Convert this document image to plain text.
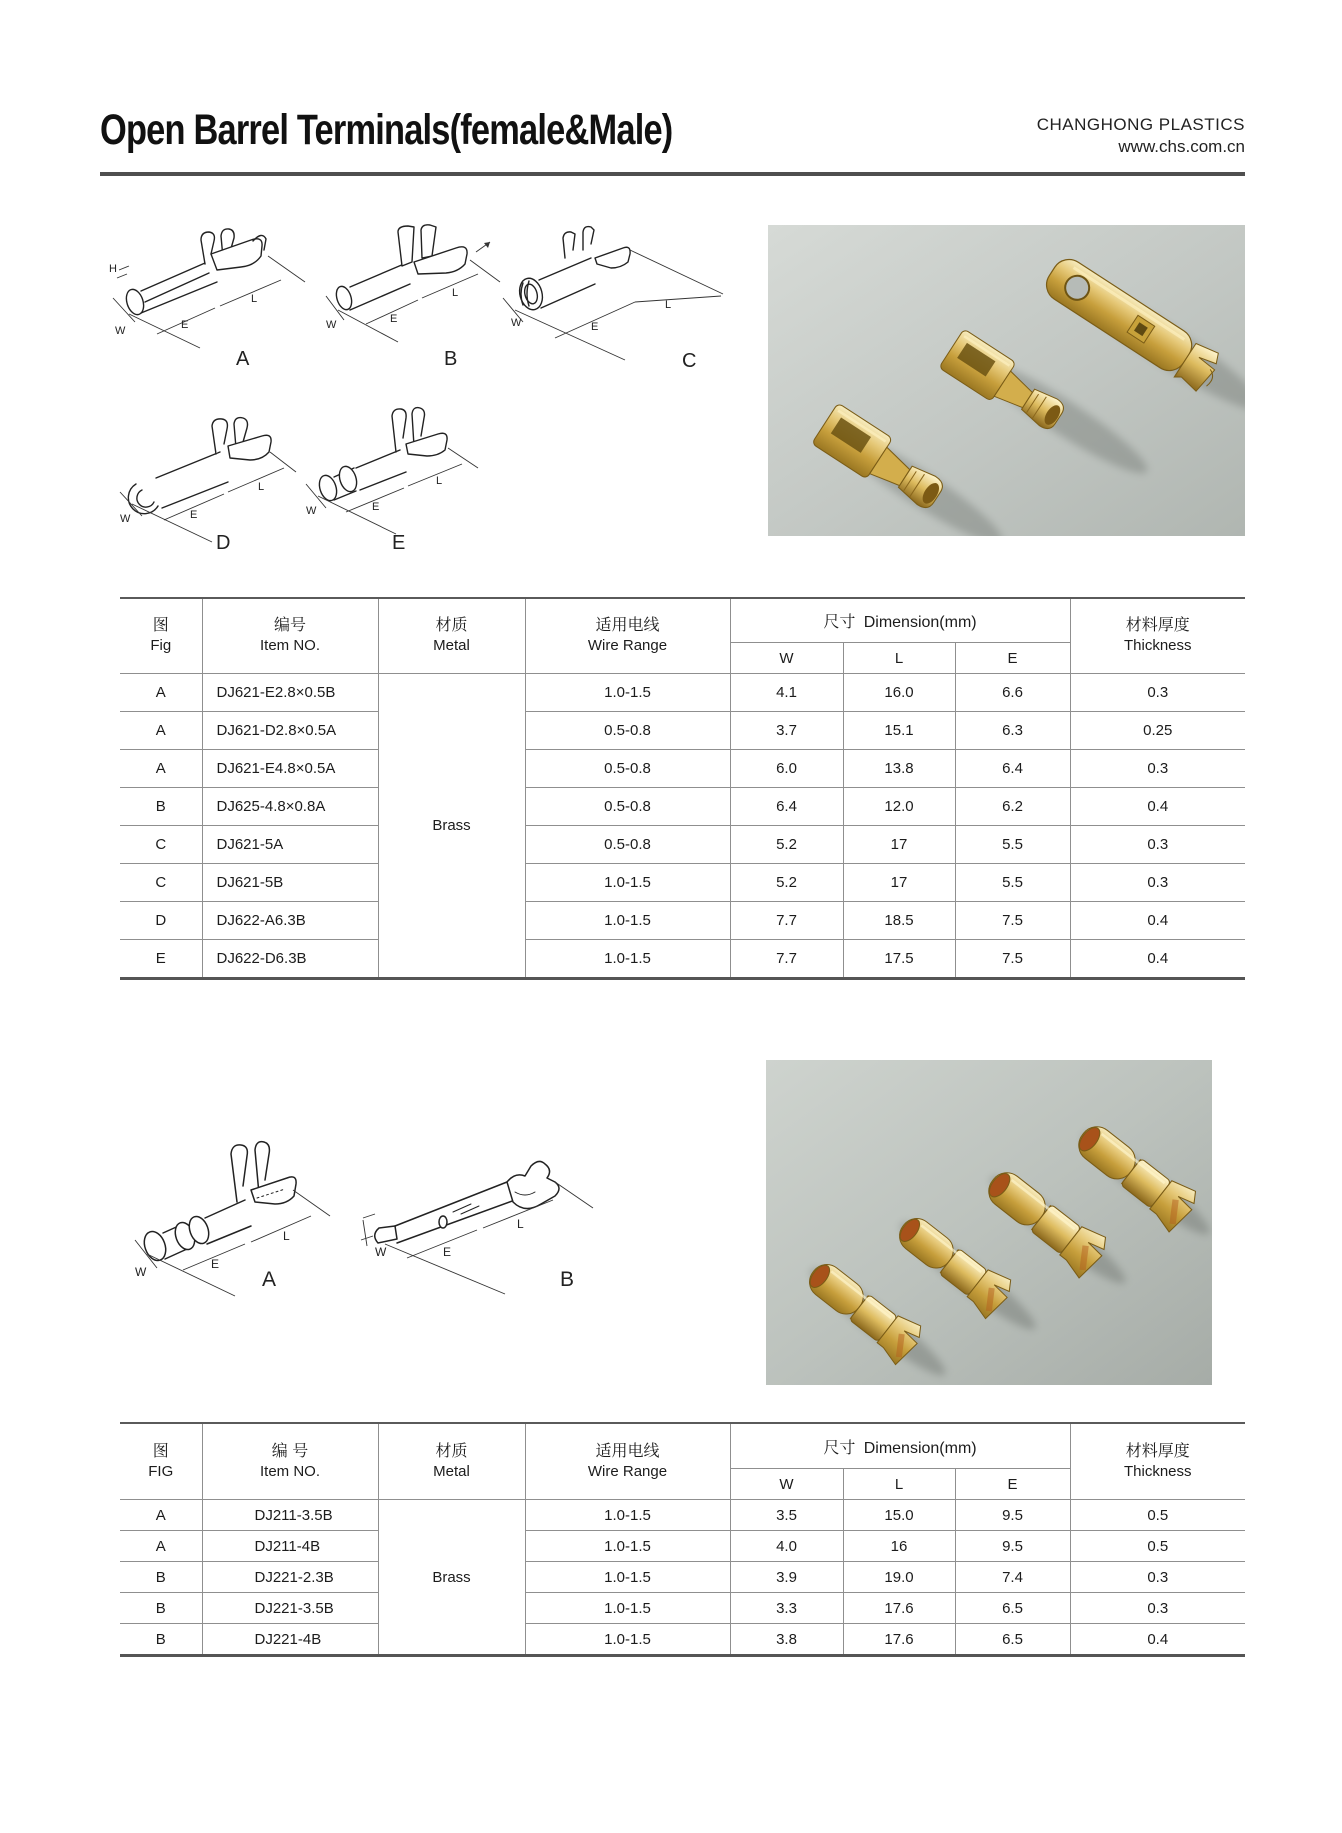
Open Barrel Terminals(female&Male)	CHANGHONG PLASTICS
www.chs.com.cn
H
W	E
L
W	E
L
W	E
L
W	E
L
W	E
L
A	B	C
D	E
图
Fig

编号
Item NO.

材质
Metal

适用电线
Wire Range
	尺寸 Dimension(mm)	材料厚度
Thickness

				W	L	E	
A	DJ621-E2.8×0.5B	Brass	1.0-1.5	4.1	16.0	6.6	0.3
A	DJ621-D2.8×0.5A		0.5-0.8	3.7	15.1	6.3	0.25
A	DJ621-E4.8×0.5A		0.5-0.8	6.0	13.8	6.4	0.3
B	DJ625-4.8×0.8A		0.5-0.8	6.4	12.0	6.2	0.4
C	DJ621-5A		0.5-0.8	5.2	17	5.5	0.3
C	DJ621-5B		1.0-1.5	5.2	17	5.5	0.3
D	DJ622-A6.3B		1.0-1.5	7.7	18.5	7.5	0.4
E	DJ622-D6.3B		1.0-1.5	7.7	17.5	7.5	0.4
W
E
L
W	E
L
A	B
图
FIG

编 号
Item NO.

材质
Metal

适用电线
Wire Range
	尺寸 Dimension(mm)	材料厚度
Thickness

				W	L	E	
A	DJ211-3.5B	Brass	1.0-1.5	3.5	15.0	9.5	0.5
A	DJ211-4B		1.0-1.5	4.0	16	9.5	0.5
B	DJ221-2.3B		1.0-1.5	3.9	19.0	7.4	0.3
B	DJ221-3.5B		1.0-1.5	3.3	17.6	6.5	0.3
B	DJ221-4B		1.0-1.5	3.8	17.6	6.5	0.4
